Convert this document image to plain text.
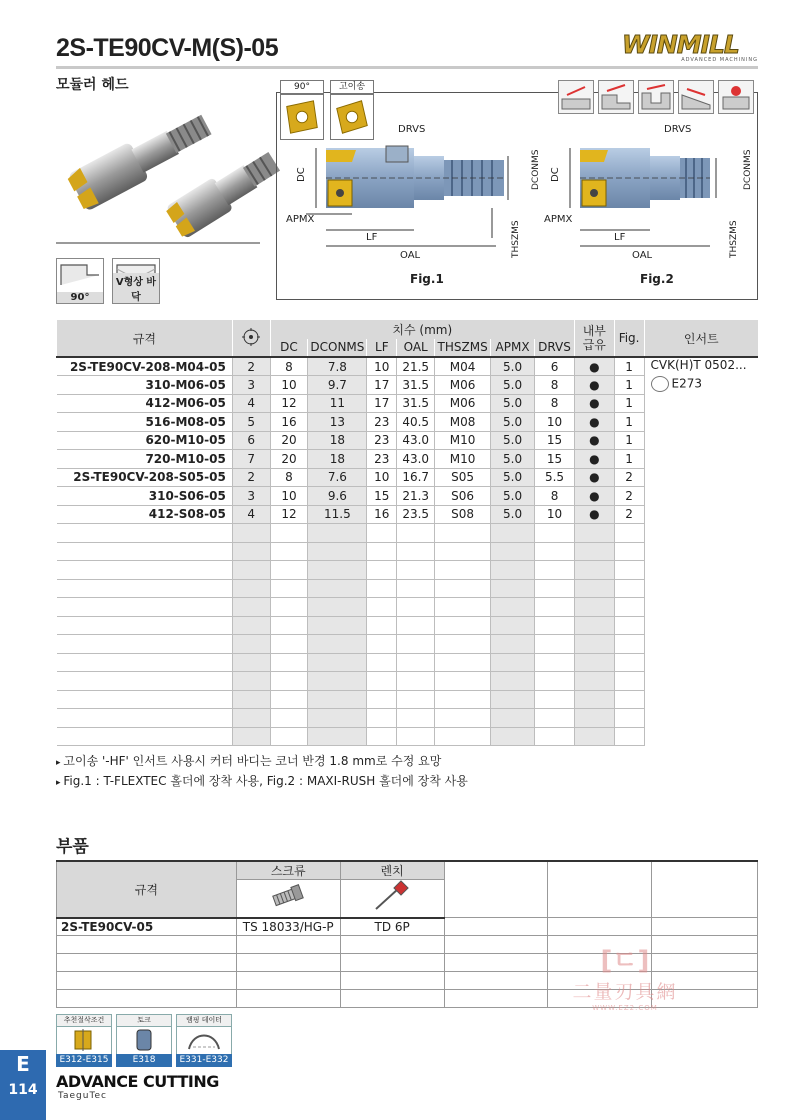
2S-TE90CV-M(S)-05	WINMILL
ADVANCED MACHINING
모듈러 헤드
90°
V형상 바닥
90°	고이송
DC
DRVS
DCONMS
APMX
LF
OAL	THSZMS
Fig.1
DC
DRVS
DCONMS
APMX
LF
OAL	THSZMS
Fig.2
규격		치수 (mm)							내부
급유	Fig.	인서트
		DC	DCONMS	LF	OAL	THSZMS	APMX	DRVS			
2S-TE90CV-208-M04-05	2	8	7.8	10	21.5	M04	5.0	6	●	1	CVK(H)T 0502...
E273

310-M06-05	3	10	9.7	17	31.5	M06	5.0	8	●	1	
412-M06-05	4	12	11	17	31.5	M06	5.0	8	●	1	
516-M08-05	5	16	13	23	40.5	M08	5.0	10	●	1	
620-M10-05	6	20	18	23	43.0	M10	5.0	15	●	1	
720-M10-05	7	20	18	23	43.0	M10	5.0	15	●	1	
2S-TE90CV-208-S05-05	2	8	7.6	10	16.7	S05	5.0	5.5	●	2	
310-S06-05	3	10	9.6	15	21.3	S06	5.0	8	●	2	
412-S08-05	4	12	11.5	16	23.5	S08	5.0	10	●	2	

▸ 고이송 '-HF' 인서트 사용시 커터 바디는 코너 반경 1.8 mm로 수정 요망
▸ Fig.1 : T-FLEXTEC 홀더에 장착 사용, Fig.2 : MAXI-RUSH 홀더에 장착 사용
부품
규격	스크류	렌치			

2S-TE90CV-05	TS 18033/HG-P	TD 6P			

[ㄷ]
二量刃具網
WWW.EZ2.COM
추천절삭조건
E312-E315
토크
E318
램핑 데이터
E331-E332
E
114	ADVANCE CUTTING
TaeguTec
